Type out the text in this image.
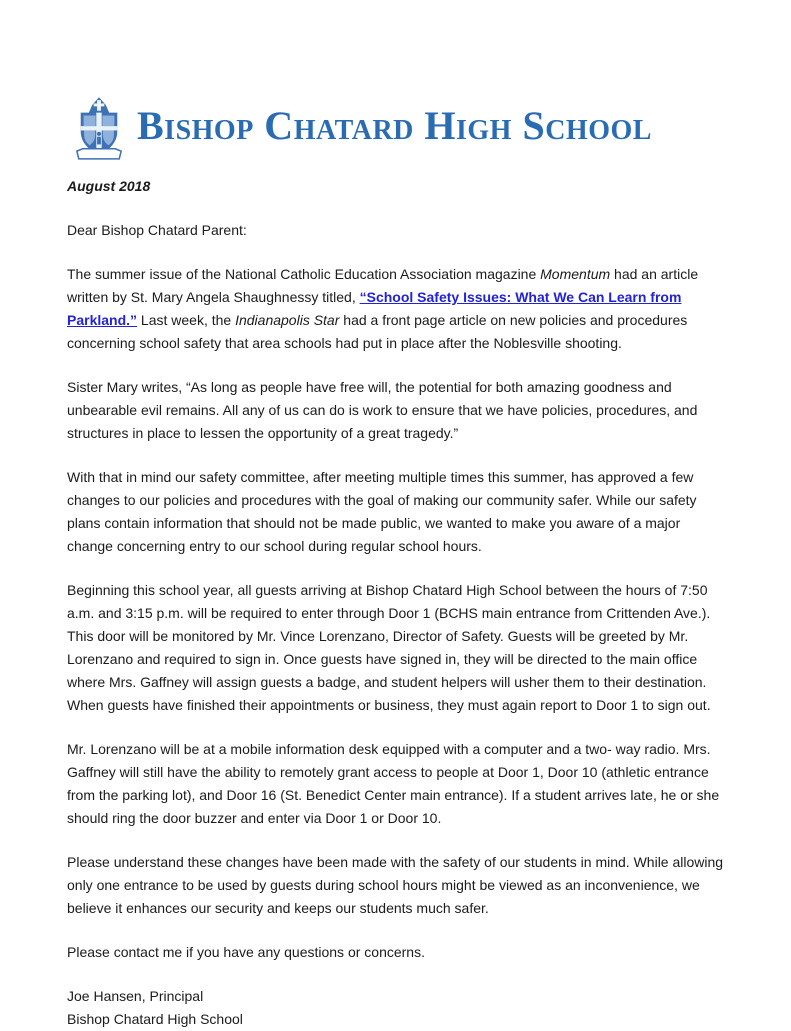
Bishop Chatard High School

August 2018

Dear Bishop Chatard Parent:

The summer issue of the National Catholic Education Association magazine Momentum had an article written by St. Mary Angela Shaughnessy titled, “School Safety Issues: What We Can Learn from Parkland.” Last week, the Indianapolis Star had a front page article on new policies and procedures concerning school safety that area schools had put in place after the Noblesville shooting.

Sister Mary writes, “As long as people have free will, the potential for both amazing goodness and unbearable evil remains. All any of us can do is work to ensure that we have policies, procedures, and structures in place to lessen the opportunity of a great tragedy.”

With that in mind our safety committee, after meeting multiple times this summer, has approved a few changes to our policies and procedures with the goal of making our community safer. While our safety plans contain information that should not be made public, we wanted to make you aware of a major change concerning entry to our school during regular school hours.

Beginning this school year, all guests arriving at Bishop Chatard High School between the hours of 7:50 a.m. and 3:15 p.m. will be required to enter through Door 1 (BCHS main entrance from Crittenden Ave.). This door will be monitored by Mr. Vince Lorenzano, Director of Safety. Guests will be greeted by Mr. Lorenzano and required to sign in. Once guests have signed in, they will be directed to the main office where Mrs. Gaffney will assign guests a badge, and student helpers will usher them to their destination. When guests have finished their appointments or business, they must again report to Door 1 to sign out.

Mr. Lorenzano will be at a mobile information desk equipped with a computer and a two- way radio. Mrs. Gaffney will still have the ability to remotely grant access to people at Door 1, Door 10 (athletic entrance from the parking lot), and Door 16 (St. Benedict Center main entrance). If a student arrives late, he or she should ring the door buzzer and enter via Door 1 or Door 10.

Please understand these changes have been made with the safety of our students in mind. While allowing only one entrance to be used by guests during school hours might be viewed as an inconvenience, we believe it enhances our security and keeps our students much safer.

Please contact me if you have any questions or concerns.

Joe Hansen, Principal

Bishop Chatard High School
